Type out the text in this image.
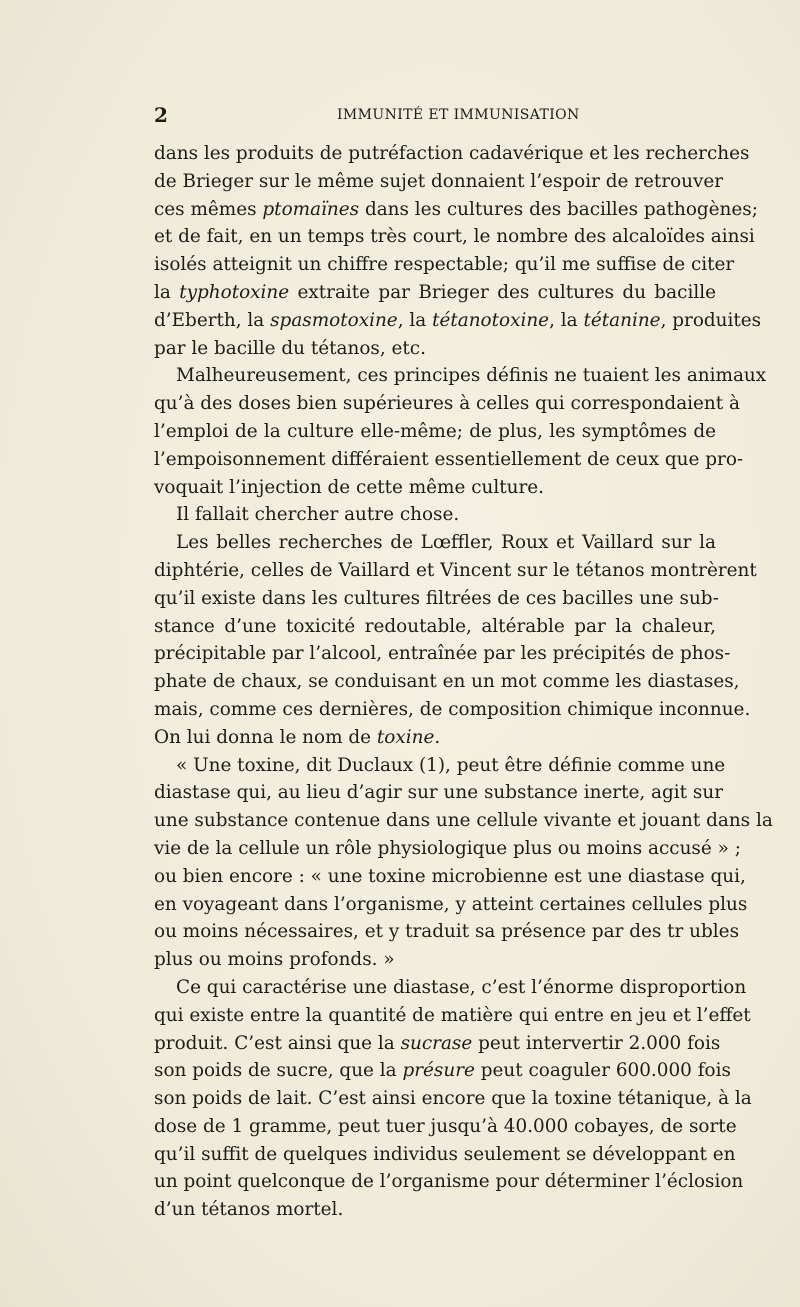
2	IMMUNITÉ ET IMMUNISATION
dans les produits de putréfaction cadavérique et les recherches
de Brieger sur le même sujet donnaient l’espoir de retrouver
ces mêmes ptomaïnes dans les cultures des bacilles pathogènes;
et de fait, en un temps très court, le nombre des alcaloïdes ainsi
isolés atteignit un chiffre respectable; qu’il me suffise de citer
la typhotoxine extraite par Brieger des cultures du bacille
d’Eberth, la spasmotoxine, la tétanotoxine, la tétanine, produites
par le bacille du tétanos, etc.
Malheureusement, ces principes définis ne tuaient les animaux
qu’à des doses bien supérieures à celles qui correspondaient à
l’emploi de la culture elle-même; de plus, les symptômes de
l’empoisonnement différaient essentiellement de ceux que pro-
voquait l’injection de cette même culture.
Il fallait chercher autre chose.
Les belles recherches de Lœffler, Roux et Vaillard sur la
diphtérie, celles de Vaillard et Vincent sur le tétanos montrèrent
qu’il existe dans les cultures filtrées de ces bacilles une sub-
stance d’une toxicité redoutable, altérable par la chaleur,
précipitable par l’alcool, entraînée par les précipités de phos-
phate de chaux, se conduisant en un mot comme les diastases,
mais, comme ces dernières, de composition chimique inconnue.
On lui donna le nom de toxine.
« Une toxine, dit Duclaux (1), peut être définie comme une
diastase qui, au lieu d’agir sur une substance inerte, agit sur
une substance contenue dans une cellule vivante et jouant dans la
vie de la cellule un rôle physiologique plus ou moins accusé » ;
ou bien encore : « une toxine microbienne est une diastase qui,
en voyageant dans l’organisme, y atteint certaines cellules plus
ou moins nécessaires, et y traduit sa présence par des tr ubles
plus ou moins profonds. »
Ce qui caractérise une diastase, c’est l’énorme disproportion
qui existe entre la quantité de matière qui entre en jeu et l’effet
produit. C’est ainsi que la sucrase peut intervertir 2.000 fois
son poids de sucre, que la présure peut coaguler 600.000 fois
son poids de lait. C’est ainsi encore que la toxine tétanique, à la
dose de 1 gramme, peut tuer jusqu’à 40.000 cobayes, de sorte
qu’il suffit de quelques individus seulement se développant en
un point quelconque de l’organisme pour déterminer l’éclosion
d’un tétanos mortel.
